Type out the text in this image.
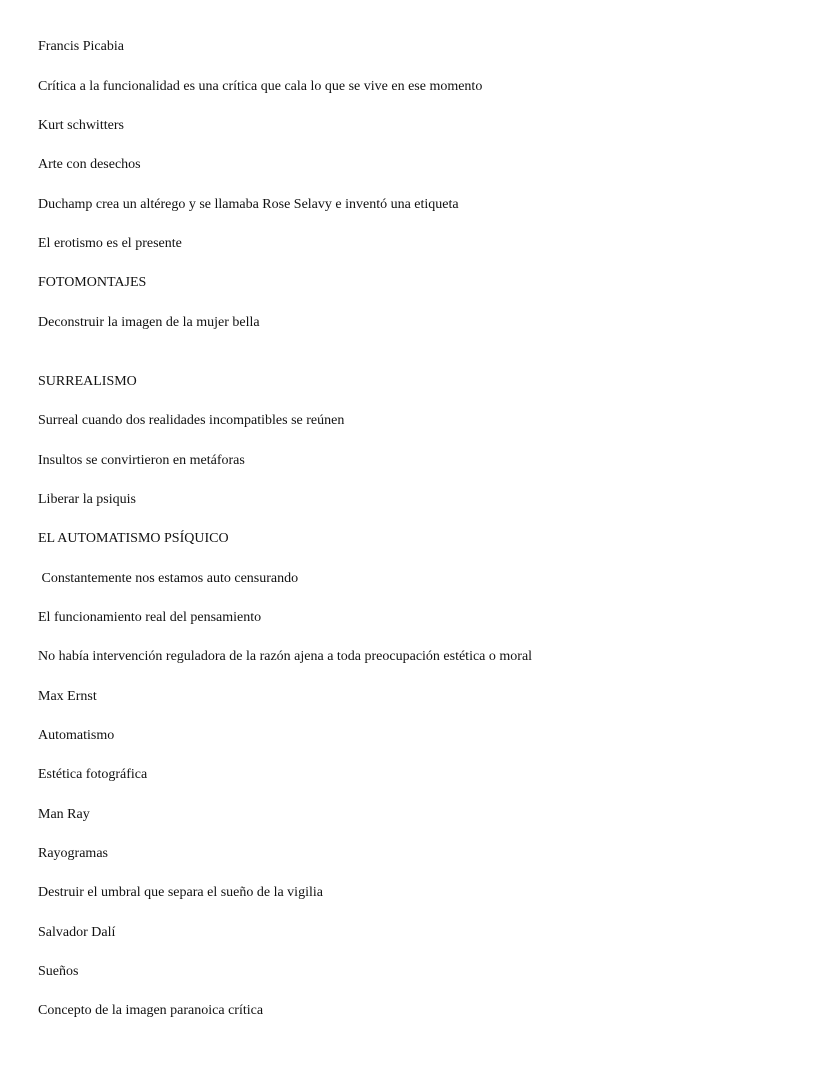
Francis Picabia
Crítica a la funcionalidad es una crítica que cala lo que se vive en ese momento
Kurt schwitters
Arte con desechos
Duchamp crea un altérego y se llamaba Rose Selavy e inventó una etiqueta
El erotismo es el presente
FOTOMONTAJES
Deconstruir la imagen de la mujer bella
SURREALISMO
Surreal cuando dos realidades incompatibles se reúnen
Insultos se convirtieron en metáforas
Liberar la psiquis
EL AUTOMATISMO PSÍQUICO
Constantemente nos estamos auto censurando
El funcionamiento real del pensamiento
No había intervención reguladora de la razón ajena a toda preocupación estética o moral
Max Ernst
Automatismo
Estética fotográfica
Man Ray
Rayogramas
Destruir el umbral que separa el sueño de la vigilia
Salvador Dalí
Sueños
Concepto de la imagen paranoica crítica
